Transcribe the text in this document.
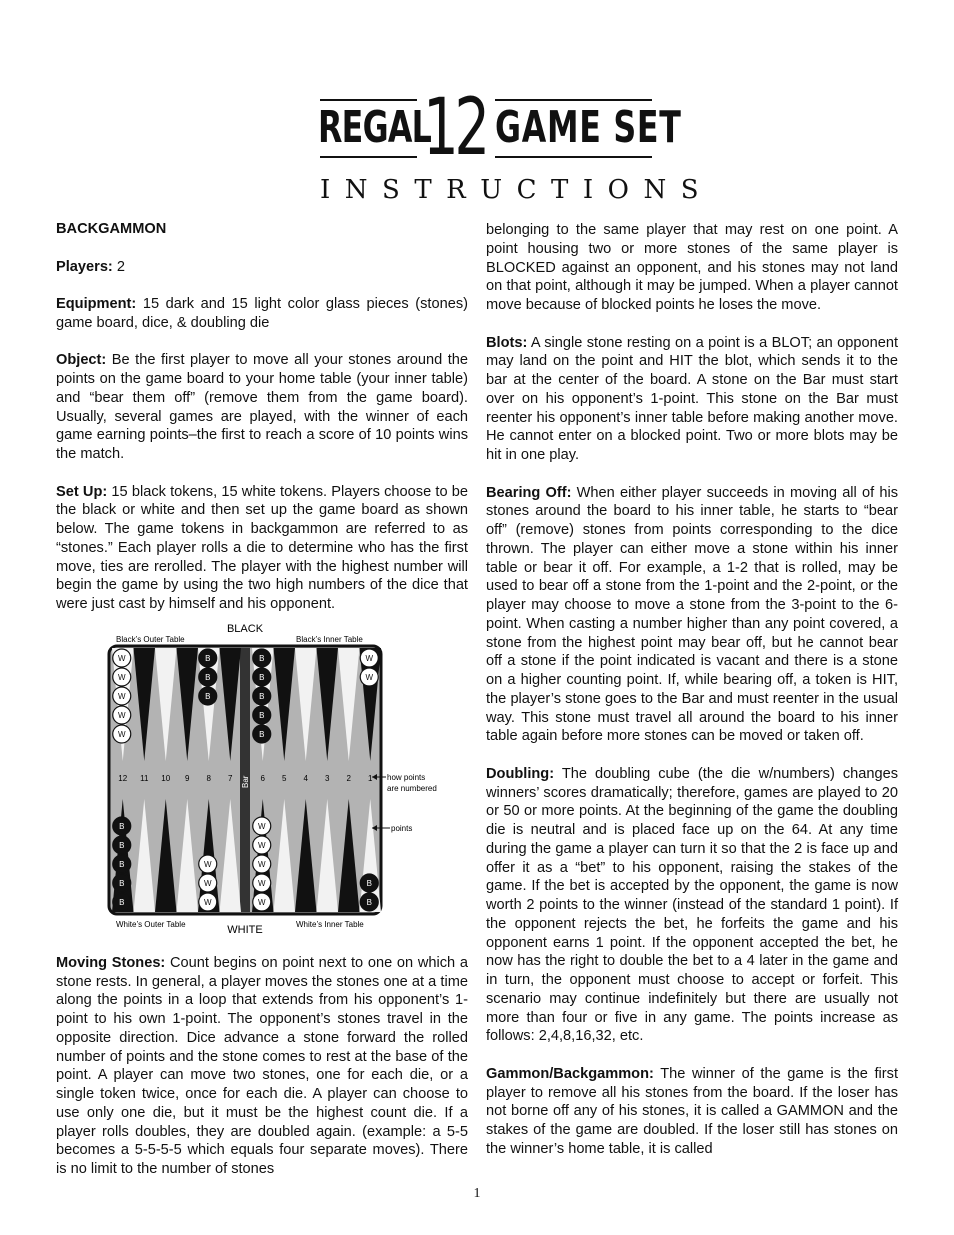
REGAL
12 GAME SET
INSTRUCTIONS
BACKGAMMON

Players: 2

Equipment: 15 dark and 15 light color glass pieces (stones) game board, dice, & doubling die

Object: Be the first player to move all your stones around the points on the game board to your home table (your inner table) and “bear them off” (remove them from the game board). Usually, several games are played, with the winner of each game earning points–the first to reach a score of 10 points wins the match.

Set Up: 15 black tokens, 15 white tokens. Players choose to be the black or white and then set up the game board as shown below. The game tokens in backgammon are referred to as “stones.” Each player rolls a die to determine who has the first move, ties are rerolled. The player with the highest number will begin the game by using the two high numbers of the dice that were just cast by himself and his opponent.

BLACK
Black’s Outer Table	Black’s Inner Table
White’s Outer Table	White’s Inner Table
WHITE
Bar
12 11 10 9 8 7	6 5 4 3 2 1
W
W
W
W
W
B
B
B
B
B
B
B
B
W
W
B
B
B
B
B
W
W
W
W
W
W
W
W
B
B
how points
are numbered
points

Moving Stones: Count begins on point next to one on which a stone rests. In general, a player moves the stones one at a time along the points in a loop that extends from his opponent’s 1-point to his own 1-point. The opponent’s stones travel in the opposite direction. Dice advance a stone forward the rolled number of points and the stone comes to rest at the base of the point. A player can move two stones, one for each die, or a single token twice, once for each die. A player can choose to use only one die, but it must be the highest count die. If a player rolls doubles, they are doubled again. (example: a 5-5 becomes a 5-5-5-5 which equals four separate moves). There is no limit to the number of stones

belonging to the same player that may rest on one point. A point housing two or more stones of the same player is BLOCKED against an opponent, and his stones may not land on that point, although it may be jumped. When a player cannot move because of blocked points he loses the move.

Blots: A single stone resting on a point is a BLOT; an opponent may land on the point and HIT the blot, which sends it to the bar at the center of the board. A stone on the Bar must start over on his opponent’s 1-point. This stone on the Bar must reenter his opponent’s inner table before making another move. He cannot enter on a blocked point. Two or more blots may be hit in one play.

Bearing Off: When either player succeeds in moving all of his stones around the board to his inner table, he starts to “bear off” (remove) stones from points corresponding to the dice thrown. The player can either move a stone within his inner table or bear it off. For example, a 1-2 that is rolled, may be used to bear off a stone from the 1-point and the 2-point, or the player may choose to move a stone from the 3-point to the 6-point. When casting a number higher than any point covered, a stone from the highest point may bear off, but he cannot bear off a stone if the point indicated is vacant and there is a stone on a higher counting point. If, while bearing off, a token is HIT, the player’s stone goes to the Bar and must reenter in the usual way. This stone must travel all around the board to his inner table again before more stones can be moved or taken off.

Doubling: The doubling cube (the die w/numbers) changes winners’ scores dramatically; therefore, games are played to 20 or 50 or more points. At the beginning of the game the doubling die is neutral and is placed face up on the 64. At any time during the game a player can turn it so that the 2 is face up and offer it as a “bet” to his opponent, raising the stakes of the game. If the bet is accepted by the opponent, the game is now worth 2 points to the winner (instead of the standard 1 point). If the opponent rejects the bet, he forfeits the game and his opponent earns 1 point. If the opponent accepted the bet, he now has the right to double the bet to a 4 later in the game and in turn, the opponent must choose to accept or forfeit. This scenario may continue indefinitely but there are usually not more than four or five in any game. The points increase as follows: 2,4,8,16,32, etc.

Gammon/Backgammon: The winner of the game is the first player to remove all his stones from the board. If the loser has not borne off any of his stones, it is called a GAMMON and the stakes of the game are doubled. If the loser still has stones on the winner’s home table, it is called

1
